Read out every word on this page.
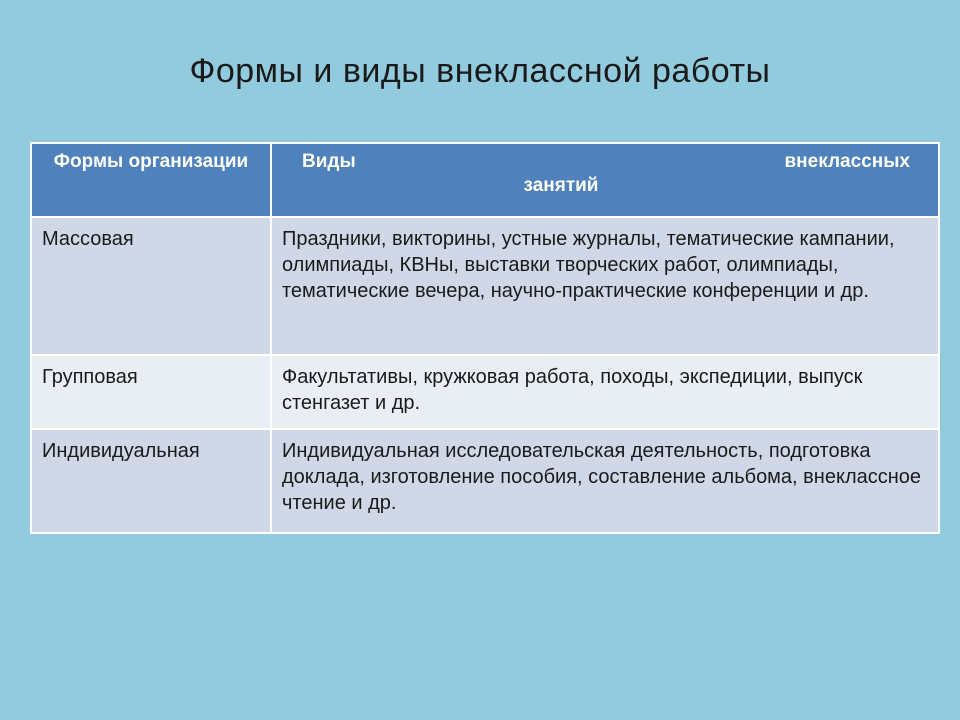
Формы и виды внеклассной работы
Формы организации	Виды внеклассных
занятий

Массовая	Праздники, викторины, устные журналы, тематические кампании, олимпиады, КВНы, выставки творческих работ, олимпиады, тематические вечера, научно-практические конференции и др.
Групповая	Факультативы, кружковая работа, походы, экспедиции, выпуск стенгазет и др.
Индивидуальная	Индивидуальная исследовательская деятельность, подготовка доклада, изготовление пособия, составление альбома, внеклассное чтение и др.
